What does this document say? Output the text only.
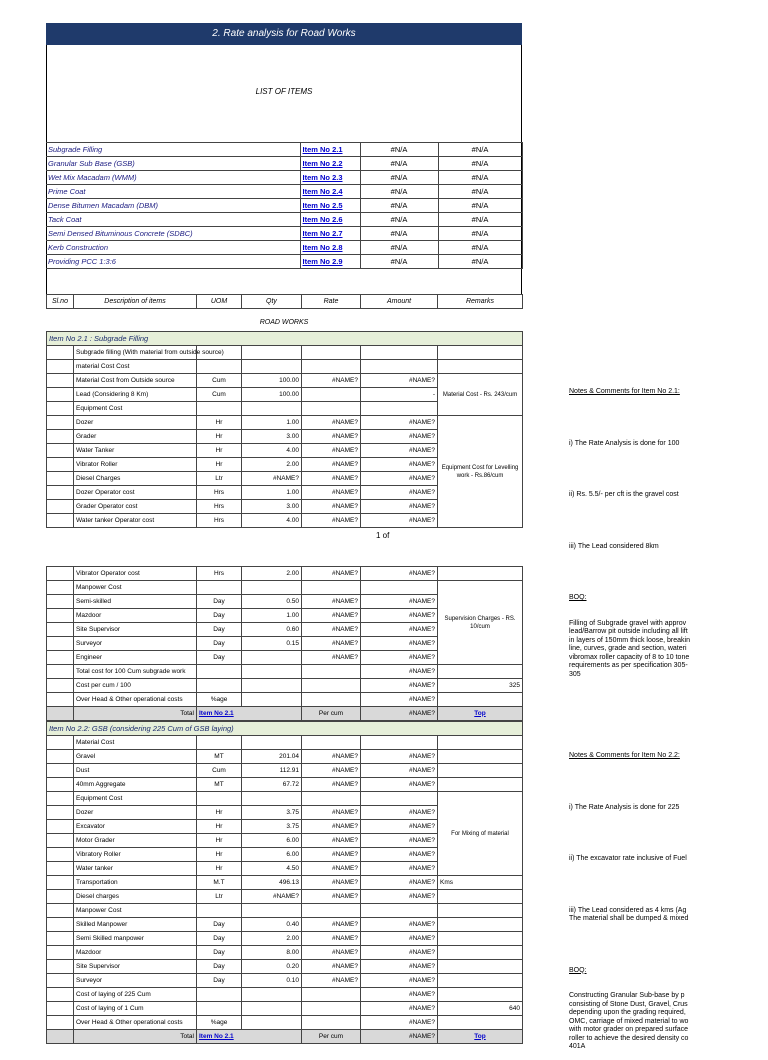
2. Rate analysis for Road Works
LIST OF ITEMS
Subgrade Filling	Item No 2.1	#N/A	#N/A
Granular Sub Base (GSB)	Item No 2.2	#N/A	#N/A
Wet Mix Macadam (WMM)	Item No 2.3	#N/A	#N/A
Prime Coat	Item No 2.4	#N/A	#N/A
Dense Bitumen Macadam (DBM)	Item No 2.5	#N/A	#N/A
Tack Coat	Item No 2.6	#N/A	#N/A
Semi Densed Bituminous Concrete (SDBC)	Item No 2.7	#N/A	#N/A
Kerb Construction	Item No 2.8	#N/A	#N/A
Providing PCC 1:3:6	Item No 2.9	#N/A	#N/A
Sl.no	Description of items	UOM	Qty	Rate	Amount	Remarks
ROAD WORKS
Item No 2.1 : Subgrade Filling						
	Subgrade filling (With material from outside source)					
	material Cost Cost					
	Material Cost from Outside source	Cum	100.00	#NAME?	#NAME?	Material Cost - Rs. 243/cum
	Lead (Considering 8 Km)	Cum	100.00		-	
	Equipment Cost					
	Dozer	Hr	1.00	#NAME?	#NAME?	Equipment Cost for Levelling work - Rs.86/cum
	Grader	Hr	3.00	#NAME?	#NAME?	
	Water Tanker	Hr	4.00	#NAME?	#NAME?	
	Vibrator Roller	Hr	2.00	#NAME?	#NAME?	
	Diesel Charges	Ltr	#NAME?	#NAME?	#NAME?	
	Dozer Operator cost	Hrs	1.00	#NAME?	#NAME?	
	Grader Operator cost	Hrs	3.00	#NAME?	#NAME?	
	Water tanker Operator cost	Hrs	4.00	#NAME?	#NAME?	
1 of
	Vibrator Operator cost	Hrs	2.00	#NAME?	#NAME?	
	Manpower Cost					Supervision Charges - RS. 10/cum
	Semi-skilled	Day	0.50	#NAME?	#NAME?	
	Mazdoor	Day	1.00	#NAME?	#NAME?	
	Site Supervisor	Day	0.60	#NAME?	#NAME?	
	Surveyor	Day	0.15	#NAME?	#NAME?	
	Engineer	Day		#NAME?	#NAME?	
	Total cost for 100 Cum subgrade work				#NAME?	
	Cost per cum / 100				#NAME?	325
	Over Head & Other operational costs	%age			#NAME?	
	Total	Item No 2.1		Per cum	#NAME?	Top
Item No 2.2: GSB (considering 225 Cum of GSB laying)						
	Material Cost					
	Gravel	MT	201.04	#NAME?	#NAME?	
	Dust	Cum	112.91	#NAME?	#NAME?	
	40mm Aggregate	MT	67.72	#NAME?	#NAME?	
	Equipment Cost					For Mixing of material
	Dozer	Hr	3.75	#NAME?	#NAME?	
	Excavator	Hr	3.75	#NAME?	#NAME?	
	Motor Grader	Hr	6.00	#NAME?	#NAME?	
	Vibratory Roller	Hr	6.00	#NAME?	#NAME?	
	Water tanker	Hr	4.50	#NAME?	#NAME?	
	Transportation	M.T	496.13	#NAME?	#NAME?	Kms
	Diesel charges	Ltr	#NAME?	#NAME?	#NAME?	
	Manpower Cost					
	Skilled Manpower	Day	0.40	#NAME?	#NAME?	
	Semi Skilled manpower	Day	2.00	#NAME?	#NAME?	
	Mazdoor	Day	8.00	#NAME?	#NAME?	
	Site Supervisor	Day	0.20	#NAME?	#NAME?	
	Surveyor	Day	0.10	#NAME?	#NAME?	
	Cost of laying of 225 Cum				#NAME?	
	Cost of laying of 1 Cum				#NAME?	640
	Over Head & Other operational costs	%age			#NAME?	
	Total	Item No 2.1		Per cum	#NAME?	Top

Notes & Comments for Item No 2.1:

i) The Rate Analysis is done for 100

ii) Rs. 5.5/- per cft is the gravel cost

iii) The Lead considered 8km

BOQ:

Filling of Subgrade gravel with approv
lead/Barrow pit outside including all lift
in layers of 150mm thick loose, breakin
line, curves, grade and section, wateri
vibromax roller capacity of 8 to 10 tone
requirements as per specification 305-
305

Notes & Comments for Item No 2.2:

i) The Rate Analysis is done for 225

ii) The excavator rate inclusive of Fuel

iii) The Lead considered as 4 kms (Ag
The material shall be dumped & mixed

BOQ:

Constructing Granular Sub-base by p
consisting of Stone Dust, Gravel, Crus
depending upon the grading required,
OMC, carriage of mixed material to wo
with motor grader on prepared surface
roller to achieve the desired density co
401A
